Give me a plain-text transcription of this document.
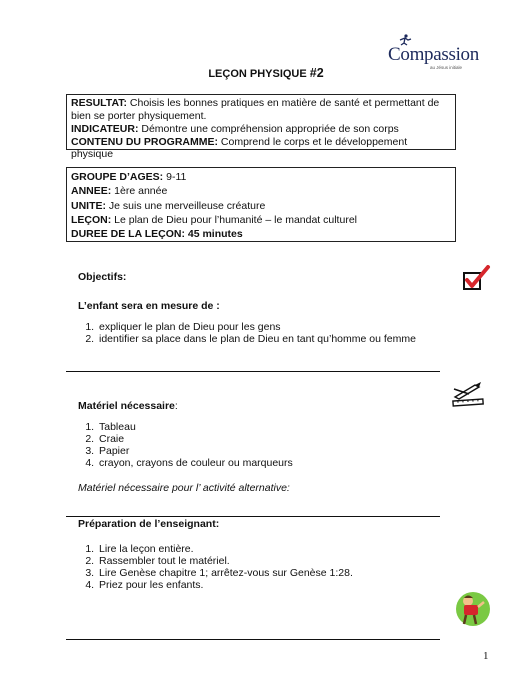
Compassion
au Jésus initiale
LEÇON PHYSIQUE #2
RESULTAT: Choisis les bonnes pratiques en matière de santé et permettant de bien se porter physiquement.
INDICATEUR: Démontre une compréhension appropriée de son corps
CONTENU DU PROGRAMME: Comprend le corps et le développement physique
GROUPE D’AGES: 9-11
ANNEE: 1ère année
UNITE: Je suis une merveilleuse créature
LEÇON: Le plan de Dieu pour l’humanité – le mandat culturel
DUREE DE LA LEÇON: 45 minutes
Objectifs:
L’enfant sera en mesure de :
1. expliquer le plan de Dieu pour les gens
2. identifier sa place dans le plan de Dieu en tant qu’homme ou femme
Matériel nécessaire:
1. Tableau
2. Craie
3. Papier
4. crayon, crayons de couleur ou marqueurs
Matériel nécessaire pour l’ activité alternative:
Préparation de l’enseignant:
1. Lire la leçon entière.
2. Rassembler tout le matériel.
3. Lire Genèse chapitre 1; arrêtez-vous sur Genèse 1:28.
4. Priez pour les enfants.
1
